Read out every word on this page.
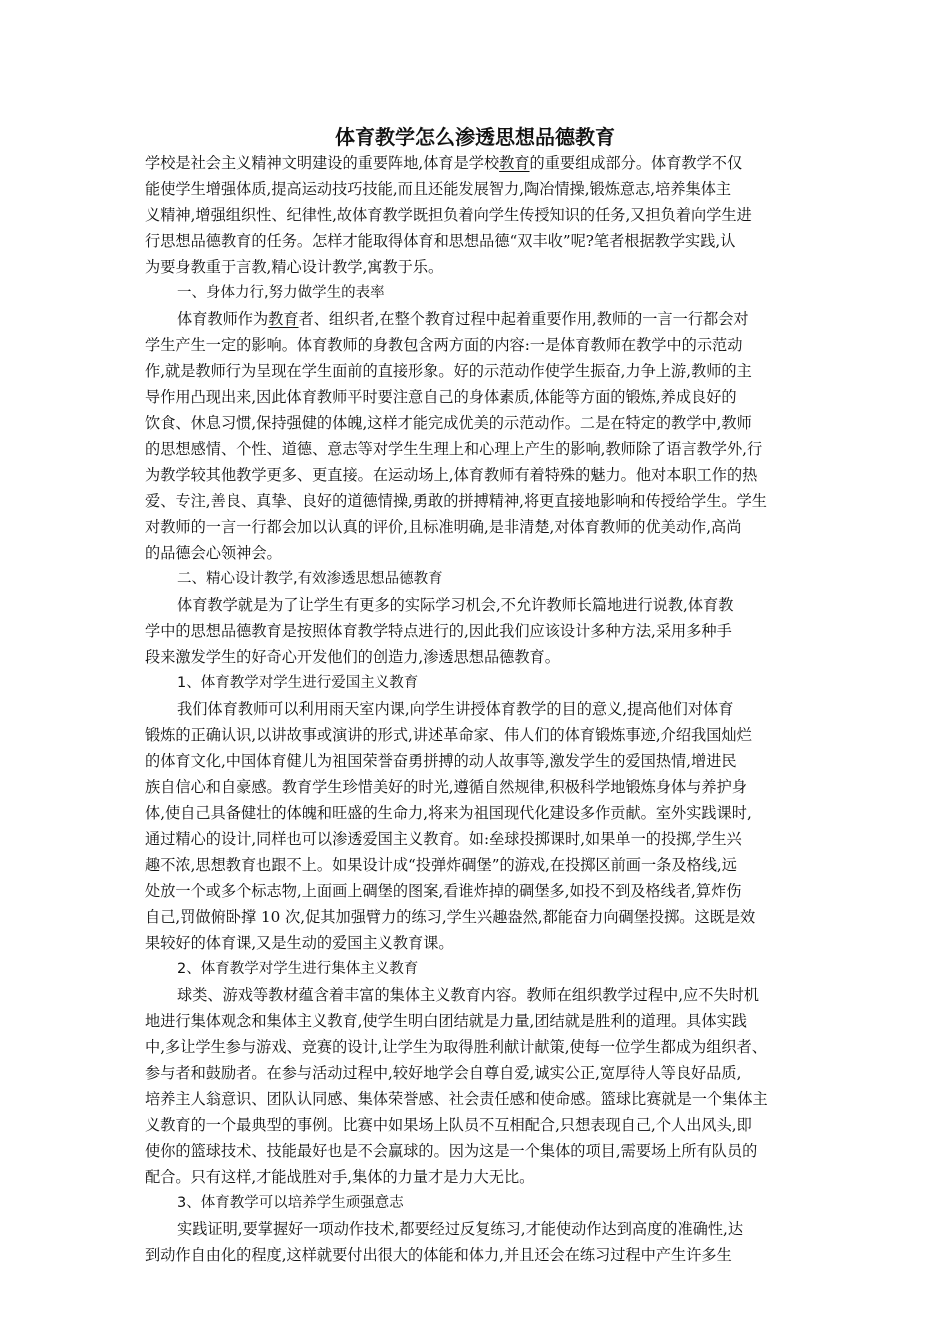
体育教学怎么渗透思想品德教育
学校是社会主义精神文明建设的重要阵地,体育是学校教育的重要组成部分。体育教学不仅
能使学生增强体质,提高运动技巧技能,而且还能发展智力,陶冶情操,锻炼意志,培养集体主
义精神,增强组织性、纪律性,故体育教学既担负着向学生传授知识的任务,又担负着向学生进
行思想品德教育的任务。怎样才能取得体育和思想品德“双丰收”呢?笔者根据教学实践,认
为要身教重于言教,精心设计教学,寓教于乐。
一、身体力行,努力做学生的表率
体育教师作为教育者、组织者,在整个教育过程中起着重要作用,教师的一言一行都会对
学生产生一定的影响。体育教师的身教包含两方面的内容:一是体育教师在教学中的示范动
作,就是教师行为呈现在学生面前的直接形象。好的示范动作使学生振奋,力争上游,教师的主
导作用凸现出来,因此体育教师平时要注意自己的身体素质,体能等方面的锻炼,养成良好的
饮食、休息习惯,保持强健的体魄,这样才能完成优美的示范动作。二是在特定的教学中,教师
的思想感情、个性、道德、意志等对学生生理上和心理上产生的影响,教师除了语言教学外,行
为教学较其他教学更多、更直接。在运动场上,体育教师有着特殊的魅力。他对本职工作的热
爱、专注,善良、真挚、良好的道德情操,勇敢的拼搏精神,将更直接地影响和传授给学生。学生
对教师的一言一行都会加以认真的评价,且标准明确,是非清楚,对体育教师的优美动作,高尚
的品德会心领神会。
二、精心设计教学,有效渗透思想品德教育
体育教学就是为了让学生有更多的实际学习机会,不允许教师长篇地进行说教,体育教
学中的思想品德教育是按照体育教学特点进行的,因此我们应该设计多种方法,采用多种手
段来激发学生的好奇心开发他们的创造力,渗透思想品德教育。
1、体育教学对学生进行爱国主义教育
我们体育教师可以利用雨天室内课,向学生讲授体育教学的目的意义,提高他们对体育
锻炼的正确认识,以讲故事或演讲的形式,讲述革命家、伟人们的体育锻炼事迹,介绍我国灿烂
的体育文化,中国体育健儿为祖国荣誉奋勇拼搏的动人故事等,激发学生的爱国热情,增进民
族自信心和自豪感。教育学生珍惜美好的时光,遵循自然规律,积极科学地锻炼身体与养护身
体,使自己具备健壮的体魄和旺盛的生命力,将来为祖国现代化建设多作贡献。室外实践课时,
通过精心的设计,同样也可以渗透爱国主义教育。如:垒球投掷课时,如果单一的投掷,学生兴
趣不浓,思想教育也跟不上。如果设计成“投弹炸碉堡”的游戏,在投掷区前画一条及格线,远
处放一个或多个标志物,上面画上碉堡的图案,看谁炸掉的碉堡多,如投不到及格线者,算炸伤
自己,罚做俯卧撑 10 次,促其加强臂力的练习,学生兴趣盎然,都能奋力向碉堡投掷。这既是效
果较好的体育课,又是生动的爱国主义教育课。
2、体育教学对学生进行集体主义教育
球类、游戏等教材蕴含着丰富的集体主义教育内容。教师在组织教学过程中,应不失时机
地进行集体观念和集体主义教育,使学生明白团结就是力量,团结就是胜利的道理。具体实践
中,多让学生参与游戏、竞赛的设计,让学生为取得胜利献计献策,使每一位学生都成为组织者、
参与者和鼓励者。在参与活动过程中,较好地学会自尊自爱,诚实公正,宽厚待人等良好品质,
培养主人翁意识、团队认同感、集体荣誉感、社会责任感和使命感。篮球比赛就是一个集体主
义教育的一个最典型的事例。比赛中如果场上队员不互相配合,只想表现自己,个人出风头,即
使你的篮球技术、技能最好也是不会赢球的。因为这是一个集体的项目,需要场上所有队员的
配合。只有这样,才能战胜对手,集体的力量才是力大无比。
3、体育教学可以培养学生顽强意志
实践证明,要掌握好一项动作技术,都要经过反复练习,才能使动作达到高度的准确性,达
到动作自由化的程度,这样就要付出很大的体能和体力,并且还会在练习过程中产生许多生
